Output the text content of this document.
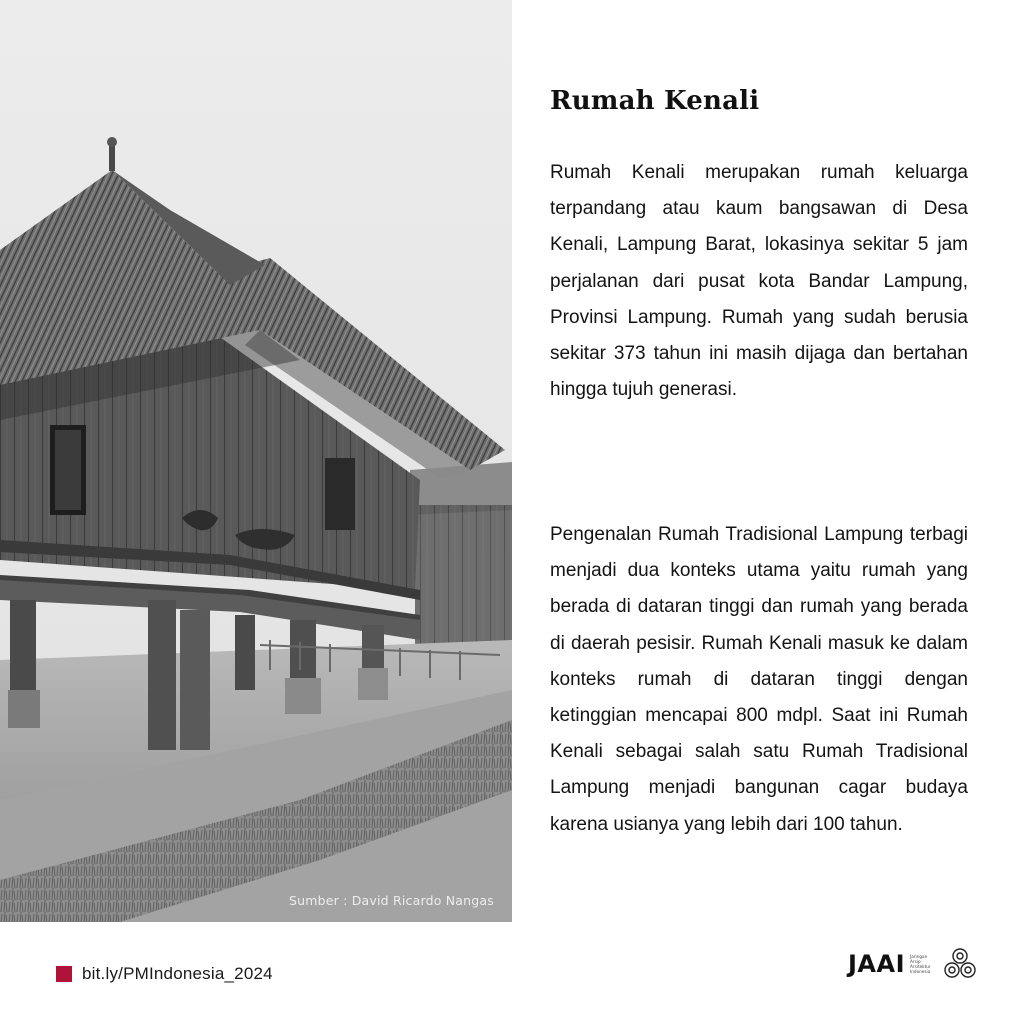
Sumber : David Ricardo Nangas
Rumah Kenali

Rumah Kenali merupakan rumah keluarga terpandang atau kaum bangsawan di Desa Kenali, Lampung Barat, lokasinya sekitar 5 jam perjalanan dari pusat kota Bandar Lampung, Provinsi Lampung. Rumah yang sudah berusia sekitar 373 tahun ini masih dijaga dan bertahan hingga tujuh generasi.

Pengenalan Rumah Tradisional Lampung terbagi menjadi dua konteks utama yaitu rumah yang berada di dataran tinggi dan rumah yang berada di daerah pesisir. Rumah Kenali masuk ke dalam konteks rumah di dataran tinggi dengan ketinggian mencapai 800 mdpl. Saat ini Rumah Kenali sebagai salah satu Rumah Tradisional Lampung menjadi bangunan cagar budaya karena usianya yang lebih dari 100 tahun.

bit.ly/PMIndonesia_2024	JAAI Jaringan
Arsip
Arsitektur
Indonesia
